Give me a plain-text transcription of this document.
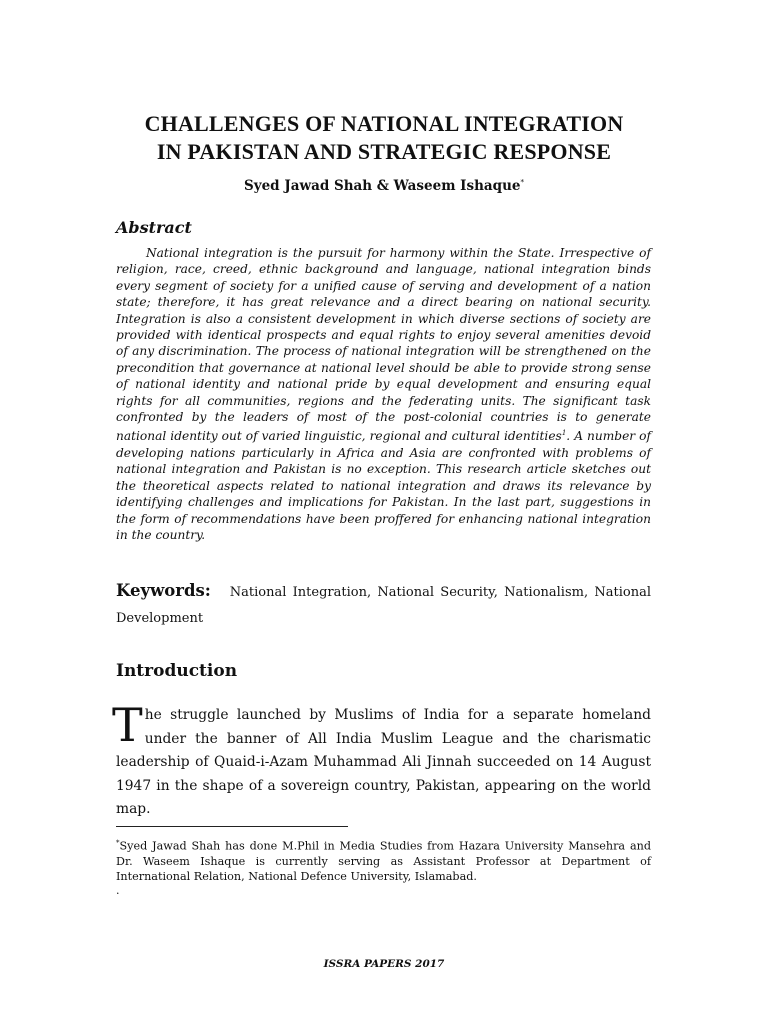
CHALLENGES OF NATIONAL INTEGRATION
IN PAKISTAN AND STRATEGIC RESPONSE
Syed Jawad Shah & Waseem Ishaque*
Abstract
National integration is the pursuit for harmony within the State. Irrespective of religion, race, creed, ethnic background and language, national integration binds every segment of society for a unified cause of serving and development of a nation state; therefore, it has great relevance and a direct bearing on national security. Integration is also a consistent development in which diverse sections of society are provided with identical prospects and equal rights to enjoy several amenities devoid of any discrimination. The process of national integration will be strengthened on the precondition that governance at national level should be able to provide strong sense of national identity and national pride by equal development and ensuring equal rights for all communities, regions and the federating units. The significant task confronted by the leaders of most of the post-colonial countries is to generate national identity out of varied linguistic, regional and cultural identities$^1$. A number of developing nations particularly in Africa and Asia are confronted with problems of national integration and Pakistan is no exception. This research article sketches out the theoretical aspects related to national integration and draws its relevance by identifying challenges and implications for Pakistan. In the last part, suggestions in the form of recommendations have been proffered for enhancing national integration in the country.
Keywords: National Integration, National Security, Nationalism, National Development
Introduction
The struggle launched by Muslims of India for a separate homeland under the banner of All India Muslim League and the charismatic leadership of Quaid-i-Azam Muhammad Ali Jinnah succeeded on 14 August 1947 in the shape of a sovereign country, Pakistan, appearing on the world map.
*Syed Jawad Shah has done M.Phil in Media Studies from Hazara University Mansehra and Dr. Waseem Ishaque is currently serving as Assistant Professor at Department of International Relation, National Defence University, Islamabad.
.
ISSRA PAPERS 2017
